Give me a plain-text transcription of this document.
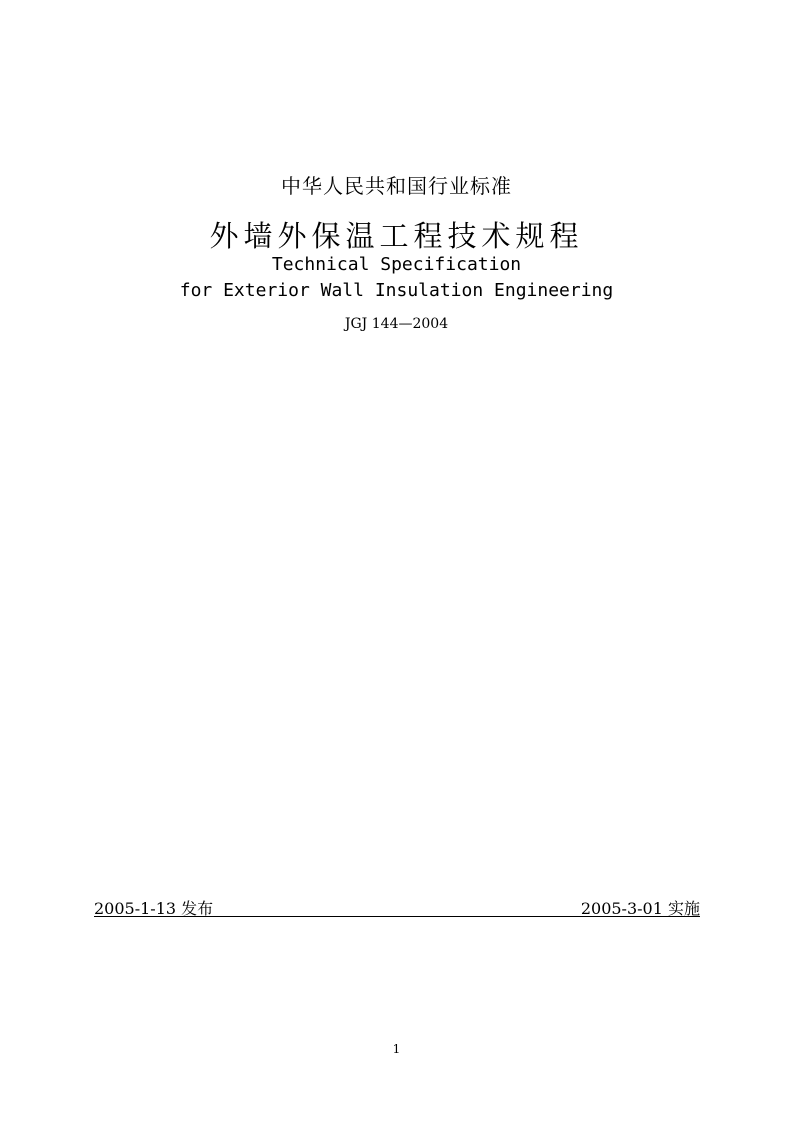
中华人民共和国行业标准
外墙外保温工程技术规程
Technical Specification
for Exterior Wall Insulation Engineering
JGJ 144—2004
2005-1-13 发布	2005-3-01 实施
1
